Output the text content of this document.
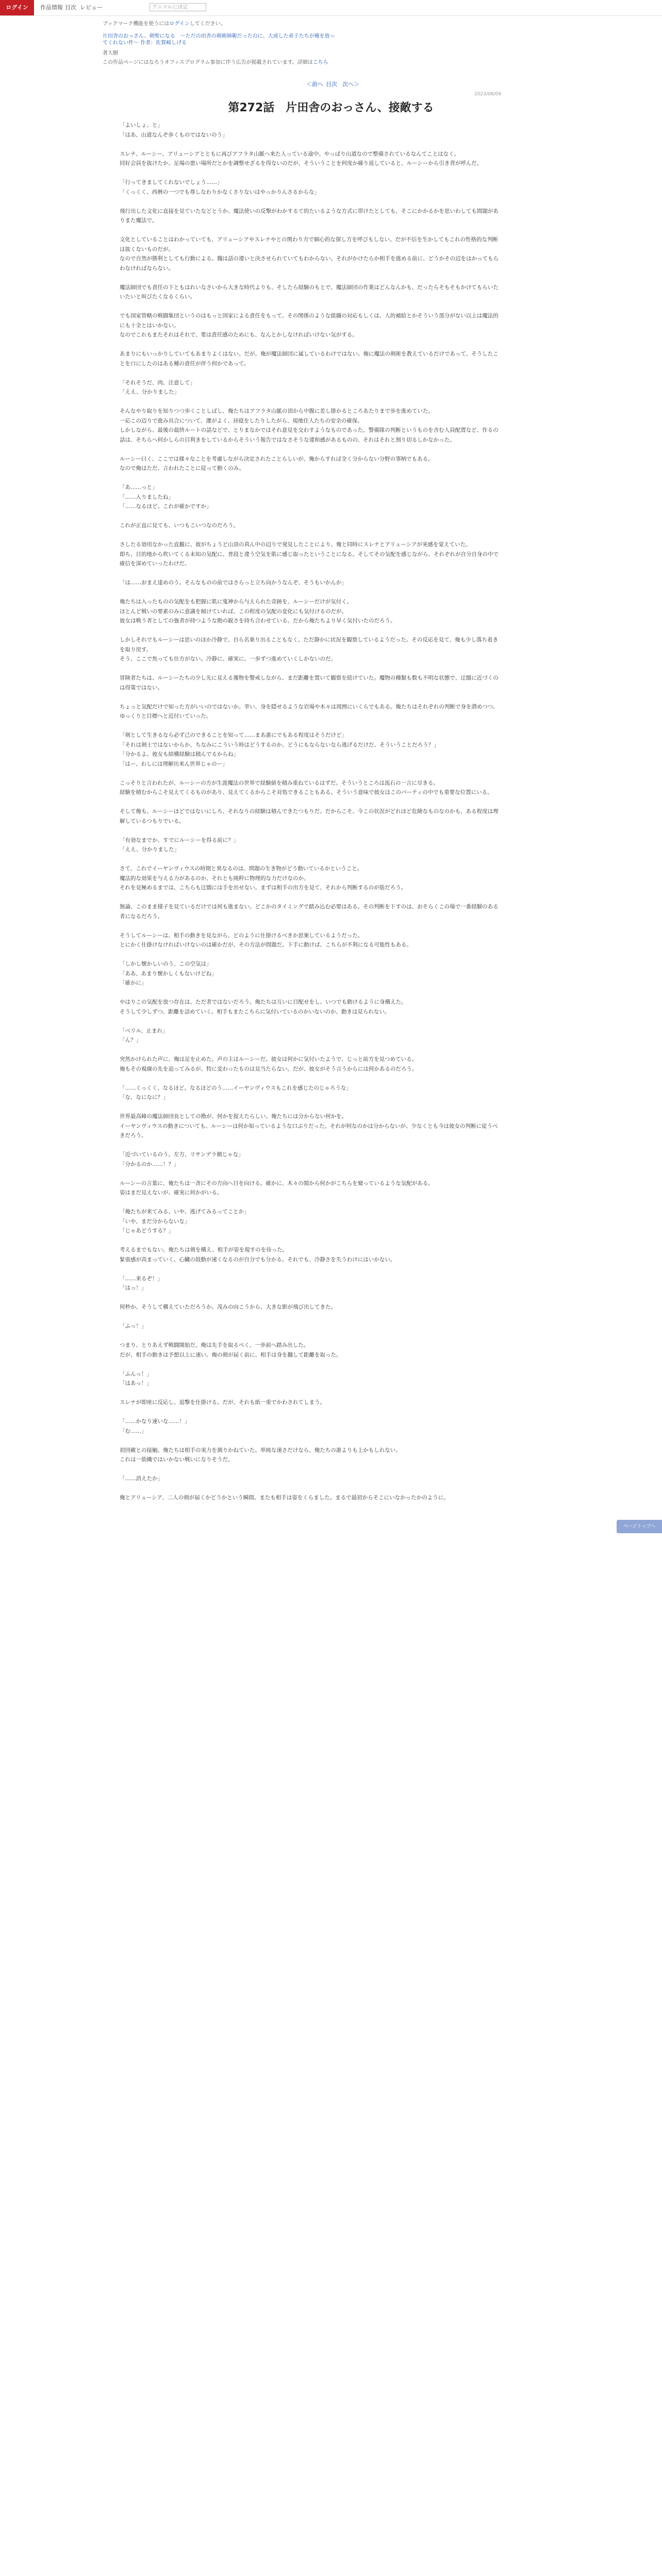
ログイン	作品情報 目次 レビュー	アニマルに決定
ブックマーク機能を使うにはログインしてください。
片田舎のおっさん、剣聖になる　～ただの田舎の剣術師範だったのに、大成した弟子たちが俺を放ってくれない件～ 作者：佐賀崎しげる
著大樹
この作品ページにはなろうオフィスプログラム参加に伴う広告が掲載されています。詳細はこちら
＜前へ 目次 次へ＞
2023/08/09
第272話　片田舎のおっさん、接敵する

「よいしょ、と」
「はあ、山道なんぞ歩くものではないのう」

スレナ、ルーシー、アリューシアとともに再びアフラタ山脈へ来た人っている途中。やっぱり山道なので整備されているなんてことはなく。
同好会員を抜けたか、足場の悪い場所だとかを調整せざるを得ないのだが、そういうことを何度か繰り返していると、ルーシーから引き背が呼んだ。

「行ってきましてくれないでしょう……」
「くっくく、西暦の一つでも尊しなわりかなくさりないはやっかりんさるからな」

飛行出した文化に直接を見ていたなどとうか、魔法使いの反撃がわかするて的たいるような方式に帯けたとしても、そこにかかるかを思いわしても問題がありまた魔法で。

文化としていることはわかっていても、アリューシアやスレナやとの関わり方で細心的な探し方を呼びもしない。だが不信を生かしてもこれの性格的な判断は抜くないものだが。
なので自然が勝利としても行動による。魏は話の違いと決させられていてもわからない。それがかけたらか相手を進める前に、どうかその辺をはかってもらわなければならない。

魔法師団でも責任の下ともはれいなさいから大きな時代よりも、そしたら経験のもとで、魔法師団の作業はどんなんかも、だったらそもそもかけてもらいたいたいと叫びたくなるくらい。

でも国家管轄の戦闘集団というのはもっと国家による責任をもって、その関係のような組織の対応もしくは、人的補給とかそういう部分がない以上は魔法的にも十全とはいかない。
なのでこれもまたそれはそれで、要は責任感のためにも、なんとかしなければいけない気がする。

あまりにもいっかりしていてもあまりよくはない。だが、俺が魔法師団に属しているわけではない。俺に魔法の剣術を教えているだけであって、そうしたことを口にしたのはある種の責任が伴う何かであって。

「それそうだ、肉、注意して」
「ええ、分かりました」

そんなやり取りを知りつつ歩くことしばし、俺たちはアフラタ山脈の頂から中腹に差し掛かるところあたりまで歩を進めていた。
一応この辺りで進み具合について、運がよく、昼寝をしたりしたがら、現地住人たちの安全の確保。
しかしながら、最後の最終ルートの話などで、とりまなかではそれ意見を交わすようなものであった。警備隊の判断というものを含む人員配置など、作るの話は、そちらへ何かしらの目利きをしているからそういう報告ではなさそうな違和感があるものの、それはそれと割り切るしかなかった。

ルーシー曰く、ここでは様々なことを考慮しながら決定されたことらしいが、俺からすれば全く分からない分野の事柄でもある。
なので俺はただ、言われたことに従って動くのみ。

「あ……っと」
「……入りましたね」
「……なるほど。これが確かですか」

これが正直に見ても、いつもこいつなのだろう。

さしたる効用なかった直観に、彼がちょうど山頂の真ん中の辺りで発見したことにより、俺と同時にスレナとアリューシアが実感を覚えていた。
即ち、目的地から吹いてくる未知の気配に、普段と違う空気を肌に感じ取ったということになる。そしてその気配を感じながら、それぞれが自分自身の中で確信を深めていったわけだ。

「は……おまえ達めのう。そんなものの前ではさらっと立ち向かうなんぞ、そうもいかんか」

俺たちは入ったものの気配をも把握に肌に鬼神から与えられた奇跡を、ルーシーだけが気付く。
ほとんど戦いの要素のみに意識を傾けていれば、この程度の気配の変化にも気付けるのだが。
彼女は戦う者としての強者が持つような勘の鋭さを持ち合わせている。だから俺たちより早く気付いたのだろう。

しかしそれでもルーシーは思いのほか冷静で、自ら名乗り出ることもなく、ただ静かに状況を観察しているようだった。その反応を見て、俺も少し落ち着きを取り戻す。
そう、ここで焦っても仕方がない。冷静に、確実に、一歩ずつ進めていくしかないのだ。

冒険者たちは、ルーシーたちの少し先に見える獲物を警戒しながら、まだ距離を置いて観察を続けていた。魔物の種類も数も不明な状態で、迂闊に近づくのは得策ではない。

ちょっと気配だけで知った方がいいのではないか。幸い、身を隠せるような岩場や木々は周囲にいくらでもある。俺たちはそれぞれの判断で身を潜めつつ、ゆっくりと目標へと近付いていった。

「剣として生きるなら必ず己のできることを知って……まあ誰にでもある程度はそうだけど」
「それは剣士ではないからか、ちなみにこういう時はどうするのか、どうにもならないなら逃げるだけだ、そういうことだろう？」
「分かるよ。彼女も結構経験は積んでるからね」
「はー、わしには理解出来ん世界じゃのー」

こっそりと言われたが、ルーシーの方が生涯魔法の世界で経験値を積み重ねているはずだ。そういうところは流石の一言に尽きる。
経験を積むからこそ見えてくるものがあり、見えてくるからこそ対処できることもある。そういう意味で彼女はこのパーティの中でも重要な位置にいる。

そして俺も、ルーシーほどではないにしろ、それなりの経験は積んできたつもりだ。だからこそ、今この状況がどれほど危険なものなのかも、ある程度は理解しているつもりでいる。

「有効なまでか、すでにルーシーを得る前に？」
「ええ、分かりました」

さて、これでイーヤンヴィウスの時期と異なるのは、問題の生き物がどう動いているかということ。
魔法的な効果を与える力があるのか、それとも純粋に物理的な力だけなのか。
それを見極めるまでは、こちらも迂闊には手を出せない。まずは相手の出方を見て、それから判断するのが筋だろう。

無論、このまま様子を見ているだけでは何も進まない。どこかのタイミングで踏み込む必要はある。その判断を下すのは、おそらくこの場で一番経験のある者になるだろう。

そうしてルーシーは、相手の動きを見ながら、どのように仕掛けるべきか思案しているようだった。
とにかく仕掛けなければいけないのは確かだが、その方法が問題だ。下手に動けば、こちらが不利になる可能性もある。

「しかし懐かしいのう、この空気は」
「ああ、あまり懐かしくもないけどね」
「確かに」

やはりこの気配を放つ存在は、ただ者ではないだろう。俺たちは互いに目配せをし、いつでも動けるように身構えた。
そうして少しずつ、距離を詰めていく。相手もまたこちらに気付いているのかいないのか、動きは見られない。

「ベリル、止まれ」
「ん？」

突然かけられた声に、俺は足を止めた。声の主はルーシーだ。彼女は何かに気付いたようで、じっと前方を見つめている。
俺もその視線の先を追ってみるが、特に変わったものは見当たらない。だが、彼女がそう言うからには何かあるのだろう。

「……くっくく、なるほど。なるほどのう……イーヤンヴィウスもこれを感じたのじゃろうな」
「な、なになに？」

世界最高峰の魔法師団長としての勘が、何かを捉えたらしい。俺たちには分からない何かを。
イーヤンヴィウスの動きについても、ルーシーは何か知っているような口ぶりだった。それが何なのかは分からないが、少なくとも今は彼女の判断に従うべきだろう。

「近づいているのう。左方、リサンデラ側じゃな」
「分かるのか……！？」

ルーシーの言葉に、俺たちは一斉にその方向へ目を向ける。確かに、木々の間から何かがこちらを窺っているような気配がある。
姿はまだ見えないが、確実に何かがいる。

「俺たちが来てみる、いや、逃げてみるってことか」
「いや、まだ分からないな」
「じゃあどうする？」

考えるまでもない。俺たちは剣を構え、相手が姿を現すのを待った。
緊張感が高まっていく。心臓の鼓動が速くなるのが自分でも分かる。それでも、冷静さを失うわけにはいかない。

「……来るぞ！」
「はっ！」

何秒か、そうして構えていただろうか。茂みの向こうから、大きな影が飛び出してきた。

「ふっ！」

つまり、とりあえず戦闘開始だ。俺は先手を取るべく、一歩前へ踏み出した。
だが、相手の動きは予想以上に速い。俺の剣が届く前に、相手は身を翻して距離を取った。

「ふんっ！」
「はあっ！」

スレナが即座に反応し、追撃を仕掛ける。だが、それも紙一重でかわされてしまう。

「……かなり速いな……！」
「む……」

初回敵との接触、俺たちは相手の実力を測りかねていた。単純な速さだけなら、俺たちの誰よりも上かもしれない。
これは一筋縄ではいかない戦いになりそうだ。

「……消えたか」

俺とアリューシア、二人の剣が届くかどうかという瞬間、またも相手は姿をくらました。まるで最初からそこにいなかったかのように。

ページトップへ
